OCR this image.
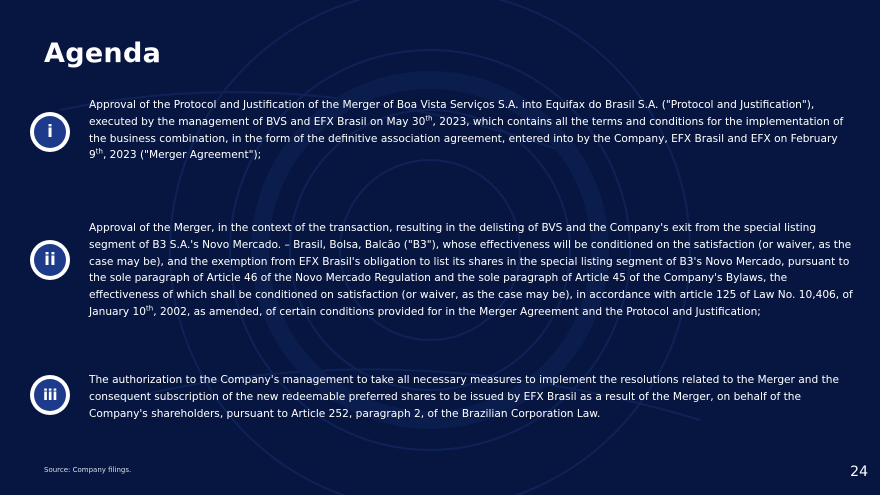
Agenda
i
Approval of the Protocol and Justification of the Merger of Boa Vista Serviços S.A. into Equifax do Brasil S.A. ("Protocol and Justification"), executed by the management of BVS and EFX Brasil on May 30th, 2023, which contains all the terms and conditions for the implementation of the business combination, in the form of the definitive association agreement, entered into by the Company, EFX Brasil and EFX on February 9th, 2023 ("Merger Agreement");
ii
Approval of the Merger, in the context of the transaction, resulting in the delisting of BVS and the Company's exit from the special listing segment of B3 S.A.'s Novo Mercado. – Brasil, Bolsa, Balcão ("B3"), whose effectiveness will be conditioned on the satisfaction (or waiver, as the case may be), and the exemption from EFX Brasil's obligation to list its shares in the special listing segment of B3's Novo Mercado, pursuant to the sole paragraph of Article 46 of the Novo Mercado Regulation and the sole paragraph of Article 45 of the Company's Bylaws, the effectiveness of which shall be conditioned on satisfaction (or waiver, as the case may be), in accordance with article 125 of Law No. 10,406, of January 10th, 2002, as amended, of certain conditions provided for in the Merger Agreement and the Protocol and Justification;
iii
The authorization to the Company's management to take all necessary measures to implement the resolutions related to the Merger and the consequent subscription of the new redeemable preferred shares to be issued by EFX Brasil as a result of the Merger, on behalf of the Company's shareholders, pursuant to Article 252, paragraph 2, of the Brazilian Corporation Law.
Source: Company filings.	24
